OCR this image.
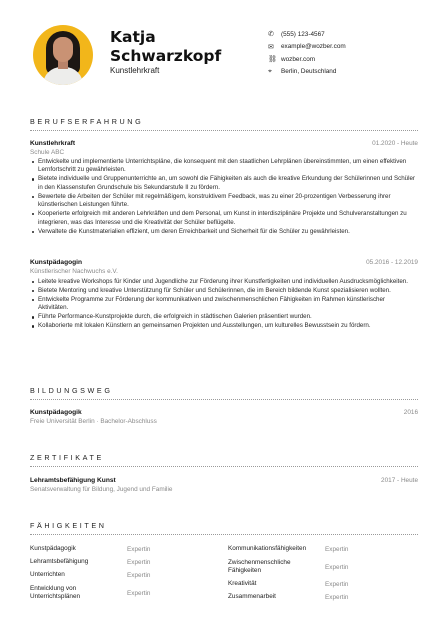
Katja
Schwarzkopf
Kunstlehrkraft
✆	(555) 123-4567
✉	example@wozber.com
⛓ wozber.com
⌖	Berlin, Deutschland
BERUFSERFAHRUNG
Kunstlehrkraft
Schule ABC
01.2020 - Heute
Entwickelte und implementierte Unterrichtspläne, die konsequent mit den staatlichen Lehrplänen übereinstimmten, um einen effektiven Lernfortschritt zu gewährleisten.
Bietete individuelle und Gruppenunterrichte an, um sowohl die Fähigkeiten als auch die kreative Erkundung der Schülerinnen und Schüler in den Klassenstufen Grundschule bis Sekundarstufe II zu fördern.
Bewertete die Arbeiten der Schüler mit regelmäßigem, konstruktivem Feedback, was zu einer 20-prozentigen Verbesserung ihrer künstlerischen Leistungen führte.
Kooperierte erfolgreich mit anderen Lehrkräften und dem Personal, um Kunst in interdisziplinäre Projekte und Schulveranstaltungen zu integrieren, was das Interesse und die Kreativität der Schüler beflügelte.
Verwaltete die Kunstmaterialien effizient, um deren Erreichbarkeit und Sicherheit für die Schüler zu gewährleisten.
Kunstpädagogin
Künstlerischer Nachwuchs e.V.
05.2016 - 12.2019
Leitete kreative Workshops für Kinder und Jugendliche zur Förderung ihrer Kunstfertigkeiten und individuellen Ausdrucksmöglichkeiten.
Bietete Mentoring und kreative Unterstützung für Schüler und Schülerinnen, die im Bereich bildende Kunst spezialisieren wollten.
Entwickelte Programme zur Förderung der kommunikativen und zwischenmenschlichen Fähigkeiten im Rahmen künstlerischer Aktivitäten.
Führte Performance-Kunstprojekte durch, die erfolgreich in städtischen Galerien präsentiert wurden.
Kollaborierte mit lokalen Künstlern an gemeinsamen Projekten und Ausstellungen, um kulturelles Bewusstsein zu fördern.
BILDUNGSWEG
Kunstpädagogik
Freie Universität Berlin · Bachelor-Abschluss
2016
ZERTIFIKATE
Lehramtsbefähigung Kunst
Senatsverwaltung für Bildung, Jugend und Familie
2017 - Heute
FÄHIGKEITEN
Kunstpädagogik	Expertin
Lehramtsbefähigung	Expertin
Unterrichten	Expertin
Entwicklung von Unterrichtsplänen	Expertin
Kommunikationsfähigkeiten	Expertin
Zwischenmenschliche Fähigkeiten	Expertin
Kreativität	Expertin
Zusammenarbeit	Expertin
